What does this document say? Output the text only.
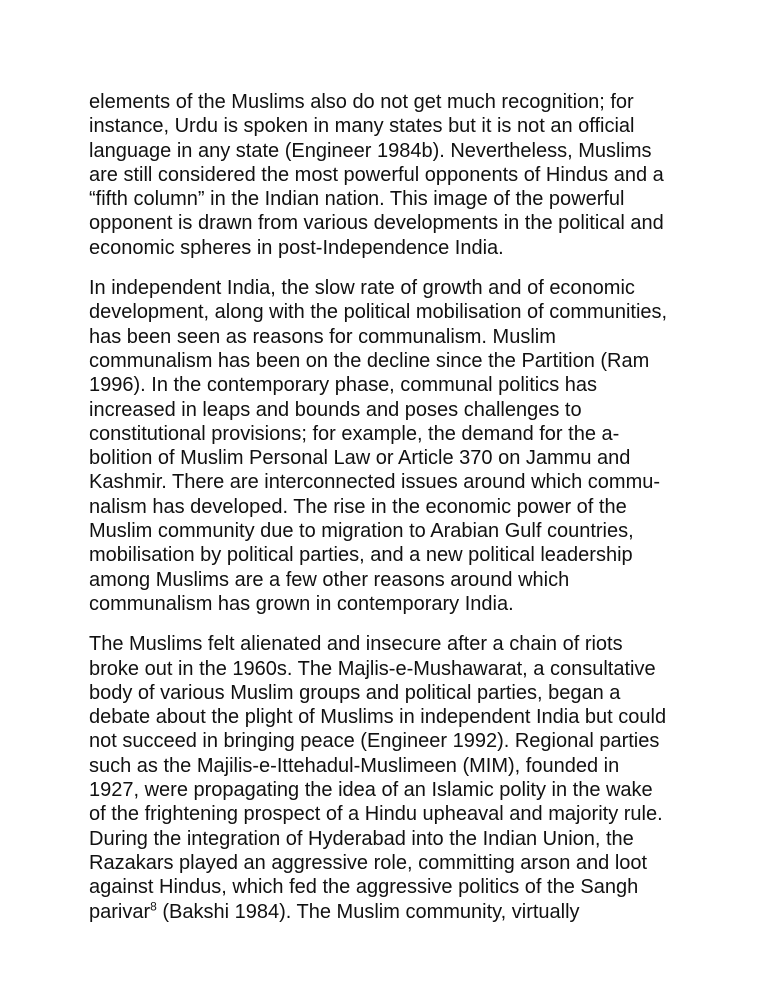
elements of the Muslims also do not get much recognition; for
instance, Urdu is spoken in many states but it is not an official
language in any state (Engineer 1984b). Nevertheless, Muslims
are still considered the most powerful opponents of Hindus and a
“fifth column” in the Indian nation. This image of the powerful
opponent is drawn from various developments in the political and
economic spheres in post-Independence India.

In independent India, the slow rate of growth and of economic
development, along with the political mobilisation of communities,
has been seen as reasons for communalism. Muslim
communalism has been on the decline since the Partition (Ram
1996). In the contemporary phase, communal politics has
increased in leaps and bounds and poses challenges to
constitutional provisions; for example, the demand for the a-
bolition of Muslim Personal Law or Article 370 on Jammu and
Kashmir. There are interconnected issues around which commu-
nalism has developed. The rise in the economic power of the
Muslim community due to migration to Arabian Gulf countries,
mobilisation by political parties, and a new political leadership
among Muslims are a few other reasons around which
communalism has grown in contemporary India.

The Muslims felt alienated and insecure after a chain of riots
broke out in the 1960s. The Majlis-e-Mushawarat, a consultative
body of various Muslim groups and political parties, began a
debate about the plight of Muslims in independent India but could
not succeed in bringing peace (Engineer 1992). Regional parties
such as the Majilis-e-Ittehadul-Muslimeen (MIM), founded in
1927, were propagating the idea of an Islamic polity in the wake
of the frightening prospect of a Hindu upheaval and majority rule.
During the integration of Hyderabad into the Indian Union, the
Razakars played an aggressive role, committing arson and loot
against Hindus, which fed the aggressive politics of the Sangh
parivar$^8$ (Bakshi 1984). The Muslim community, virtually
